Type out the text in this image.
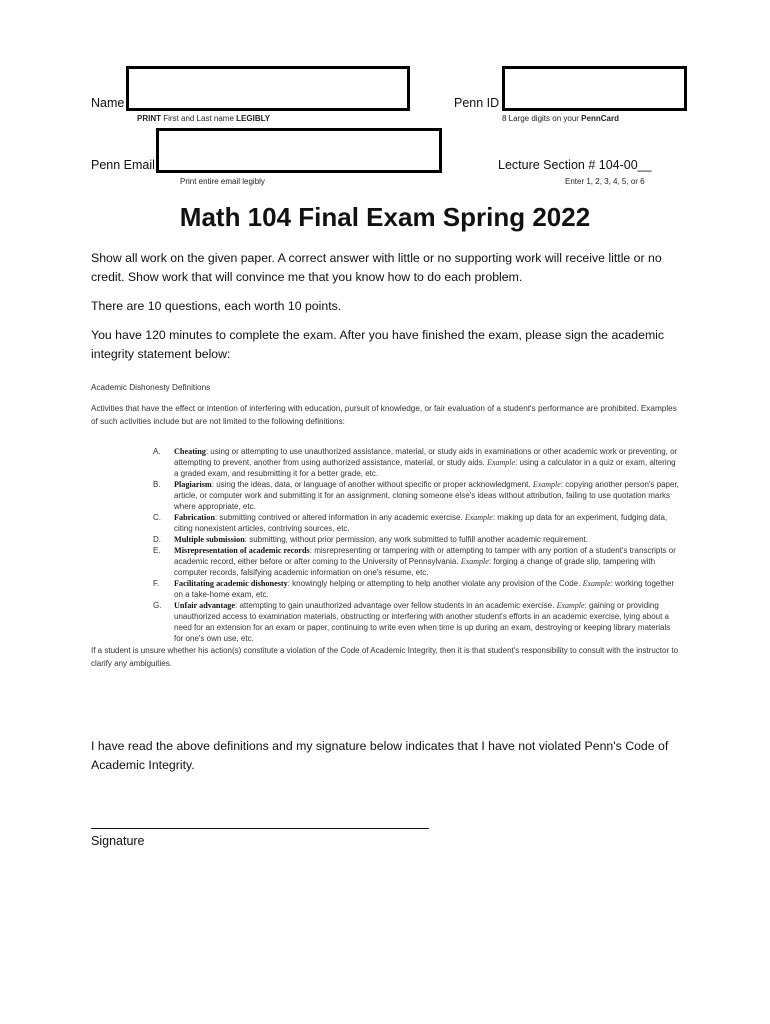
Name
PRINT First and Last name LEGIBLY
Penn ID
8 Large digits on your PennCard
Penn Email
Print entire email legibly
Lecture Section # 104-00__
Enter 1, 2, 3, 4, 5, or 6
Math 104 Final Exam Spring 2022
Show all work on the given paper. A correct answer with little or no supporting work will receive little or no credit. Show work that will convince me that you know how to do each problem.
There are 10 questions, each worth 10 points.
You have 120 minutes to complete the exam. After you have finished the exam, please sign the academic integrity statement below:
Academic Dishonesty Definitions
Activities that have the effect or intention of interfering with education, pursuit of knowledge, or fair evaluation of a student's performance are prohibited. Examples of such activities include but are not limited to the following definitions:
A.	Cheating: using or attempting to use unauthorized assistance, material, or study aids in examinations or other academic work or preventing, or attempting to prevent, another from using authorized assistance, material, or study aids. Example: using a calculator in a quiz or exam, altering a graded exam, and resubmitting it for a better grade, etc.
B.	Plagiarism: using the ideas, data, or language of another without specific or proper acknowledgment. Example: copying another person's paper, article, or computer work and submitting it for an assignment, cloning someone else's ideas without attribution, failing to use quotation marks where appropriate, etc.
C.	Fabrication: submitting contrived or altered information in any academic exercise. Example: making up data for an experiment, fudging data, citing nonexistent articles, contriving sources, etc.
D.	Multiple submission: submitting, without prior permission, any work submitted to fulfill another academic requirement.
E.	Misrepresentation of academic records: misrepresenting or tampering with or attempting to tamper with any portion of a student's transcripts or academic record, either before or after coming to the University of Pennsylvania. Example: forging a change of grade slip, tampering with computer records, falsifying academic information on one's resume, etc.
F.	Facilitating academic dishonesty: knowingly helping or attempting to help another violate any provision of the Code. Example: working together on a take-home exam, etc.
G.	Unfair advantage: attempting to gain unauthorized advantage over fellow students in an academic exercise. Example: gaining or providing unauthorized access to examination materials, obstructing or interfering with another student's efforts in an academic exercise, lying about a need for an extension for an exam or paper, continuing to write even when time is up during an exam, destroying or keeping library materials for one's own use, etc.
If a student is unsure whether his action(s) constitute a violation of the Code of Academic Integrity, then it is that student's responsibility to consult with the instructor to clarify any ambiguities.
I have read the above definitions and my signature below indicates that I have not violated Penn's Code of Academic Integrity.
Signature
